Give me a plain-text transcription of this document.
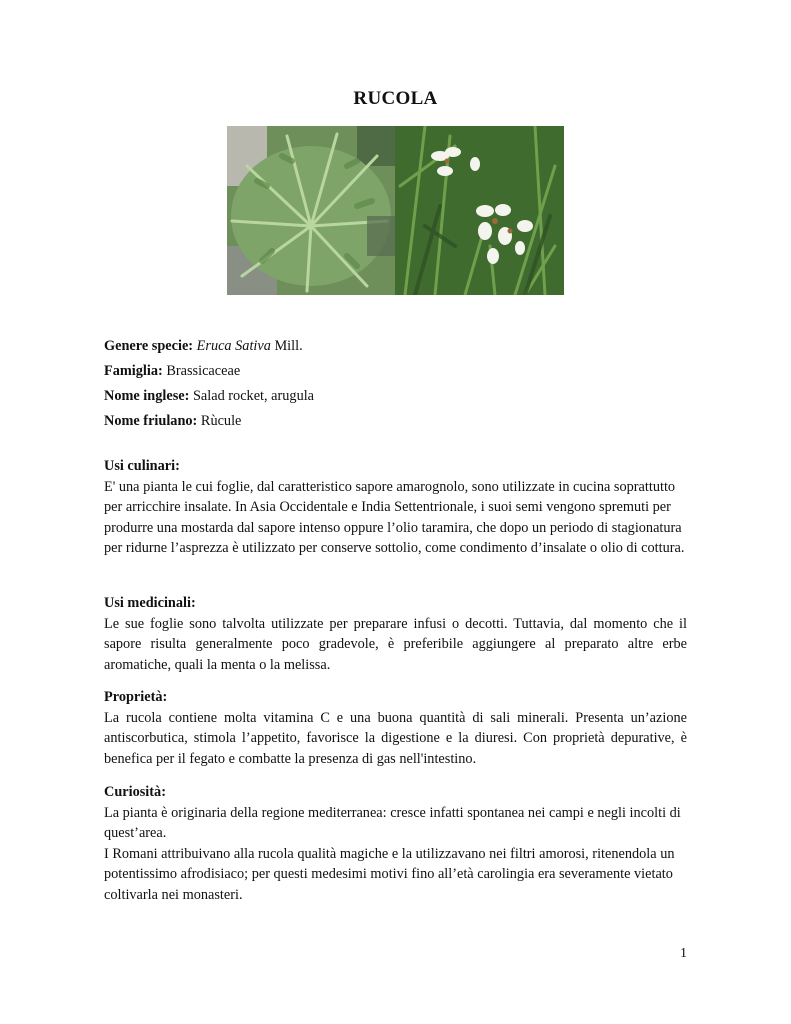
RUCOLA
Genere specie: Eruca Sativa Mill.
Famiglia: Brassicaceae
Nome inglese: Salad rocket, arugula
Nome friulano: Rùcule
Usi culinari:

E' una pianta le cui foglie, dal caratteristico sapore amarognolo, sono utilizzate in cucina soprattutto per arricchire insalate. In Asia Occidentale e India Settentrionale, i suoi semi vengono spremuti per produrre una mostarda dal sapore intenso oppure l’olio taramira, che dopo un periodo di stagionatura per ridurne l’asprezza è utilizzato per conserve sottolio, come condimento d’insalate o olio di cottura.

Usi medicinali:

Le sue foglie sono talvolta utilizzate per preparare infusi o decotti. Tuttavia, dal momento che il sapore risulta generalmente poco gradevole, è preferibile aggiungere al preparato altre erbe aromatiche, quali la menta o la melissa.

Proprietà:

La rucola contiene molta vitamina C e una buona quantità di sali minerali. Presenta un’azione antiscorbutica, stimola l’appetito, favorisce la digestione e la diuresi. Con proprietà depurative, è benefica per il fegato e combatte la presenza di gas nell'intestino.

Curiosità:

La pianta è originaria della regione mediterranea: cresce infatti spontanea nei campi e negli incolti di quest’area.

I Romani attribuivano alla rucola qualità magiche e la utilizzavano nei filtri amorosi, ritenendola un potentissimo afrodisiaco; per questi medesimi motivi fino all’età carolingia era severamente vietato coltivarla nei monasteri.

1
